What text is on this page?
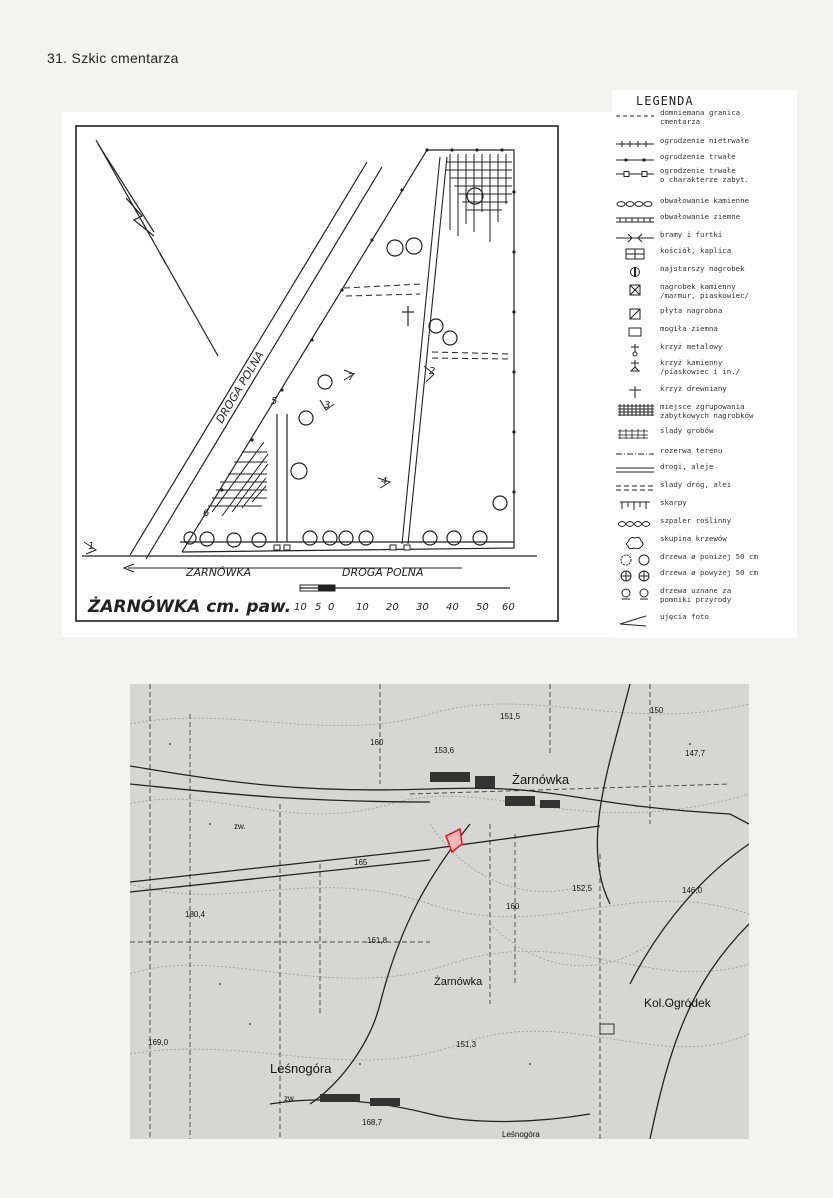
31. Szkic cmentarza
7
3
2
4
5
6
1
ZARNÓWKA	DROGA POLNA
DROGA POLNA
ŻARNÓWKA cm. paw. 10 5 0 10 20 30 40 50 60
LEGENDA
domniemana granica
cmentarza
ogrodzenie nietrwałe
ogrodzenie trwałe
ogrodzenie trwałe
o charakterze zabyt.
obwałowanie kamienne
obwałowanie ziemne
bramy i furtki
kościół, kaplica
najstarszy nagrobek
nagrobek kamienny
/marmur, piaskowiec/
płyta nagrobna
mogiła ziemna
krzyż metalowy
krzyż kamienny
/piaskowiec i in./
krzyż drewniany
miejsce zgrupowania
zabytkowych nagrobków
ślady grobów
rozerwa terenu
drogi, aleje
ślady dróg, alei
skarpy
szpaler roślinny
skupina krzewów
drzewa ø poniżej 50 cm
drzewa ø powyżej 50 cm
drzewa uznane za
pomniki przyrody
ujęcia foto
Żarnówka
Żarnówka
Kol.Ogródek
Leśnogóra
Leśnogóra
151,5
153,6	147,7
152,5	146,0
180,4
161,8
169,0	151,3
168,7
165
160
150
160
zw.
zw.
